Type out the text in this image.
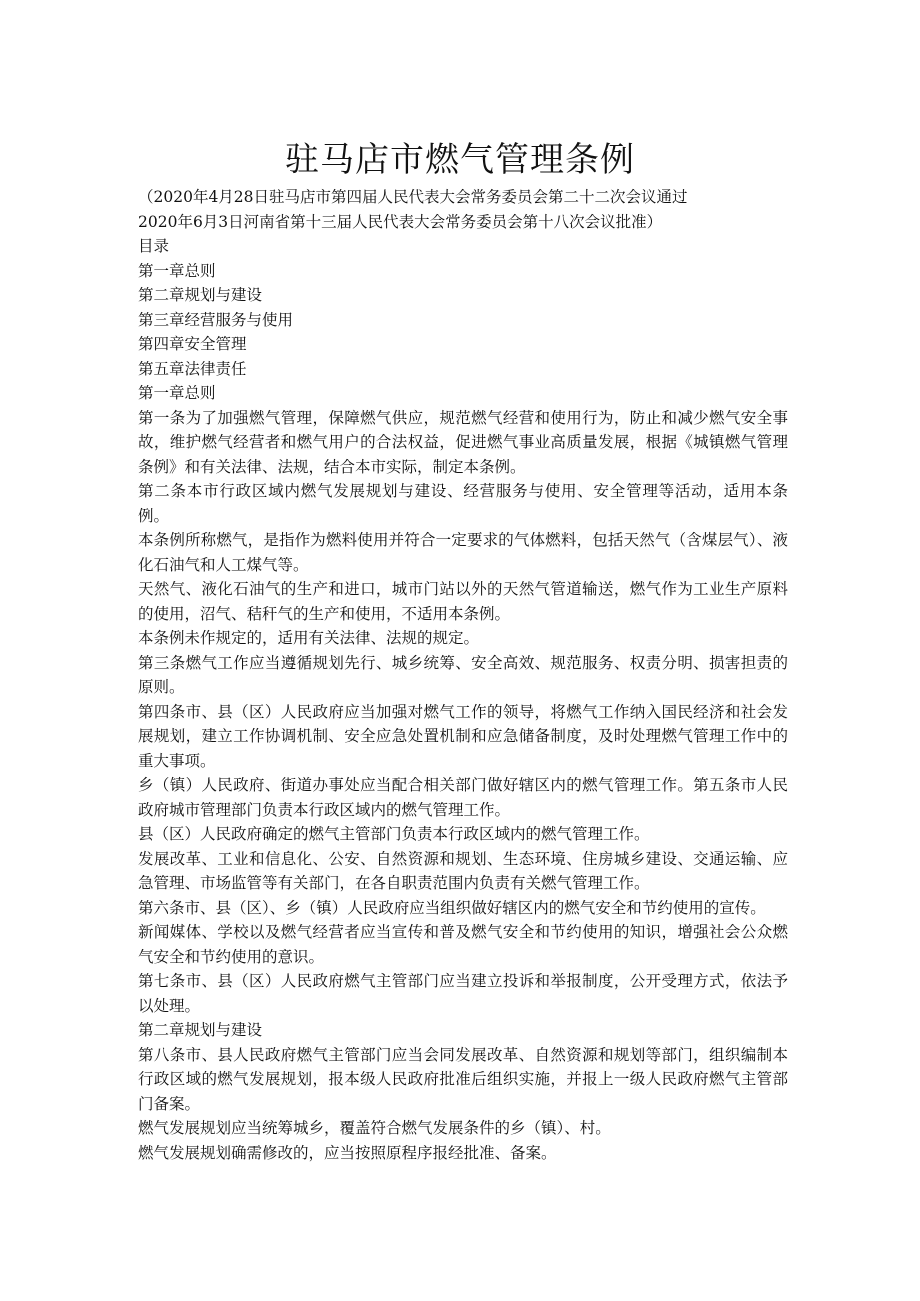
驻马店市燃气管理条例

（2020年4月28日驻马店市第四届人民代表大会常务委员会第二十二次会议通过

2020年6月3日河南省第十三届人民代表大会常务委员会第十八次会议批准）

目录

第一章总则

第二章规划与建设

第三章经营服务与使用

第四章安全管理

第五章法律责任

第一章总则

第一条为了加强燃气管理，保障燃气供应，规范燃气经营和使用行为，防止和减少燃气安全事故，维护燃气经营者和燃气用户的合法权益，促进燃气事业高质量发展，根据《城镇燃气管理条例》和有关法律、法规，结合本市实际，制定本条例。

第二条本市行政区域内燃气发展规划与建设、经营服务与使用、安全管理等活动，适用本条例。

本条例所称燃气，是指作为燃料使用并符合一定要求的气体燃料，包括天然气（含煤层气）、液化石油气和人工煤气等。

天然气、液化石油气的生产和进口，城市门站以外的天然气管道输送，燃气作为工业生产原料的使用，沼气、秸秆气的生产和使用，不适用本条例。

本条例未作规定的，适用有关法律、法规的规定。

第三条燃气工作应当遵循规划先行、城乡统筹、安全高效、规范服务、权责分明、损害担责的原则。

第四条市、县（区）人民政府应当加强对燃气工作的领导，将燃气工作纳入国民经济和社会发展规划，建立工作协调机制、安全应急处置机制和应急储备制度，及时处理燃气管理工作中的重大事项。

乡（镇）人民政府、街道办事处应当配合相关部门做好辖区内的燃气管理工作。第五条市人民政府城市管理部门负责本行政区域内的燃气管理工作。

县（区）人民政府确定的燃气主管部门负责本行政区域内的燃气管理工作。

发展改革、工业和信息化、公安、自然资源和规划、生态环境、住房城乡建设、交通运输、应急管理、市场监管等有关部门，在各自职责范围内负责有关燃气管理工作。

第六条市、县（区）、乡（镇）人民政府应当组织做好辖区内的燃气安全和节约使用的宣传。

新闻媒体、学校以及燃气经营者应当宣传和普及燃气安全和节约使用的知识，增强社会公众燃气安全和节约使用的意识。

第七条市、县（区）人民政府燃气主管部门应当建立投诉和举报制度，公开受理方式，依法予以处理。

第二章规划与建设

第八条市、县人民政府燃气主管部门应当会同发展改革、自然资源和规划等部门，组织编制本行政区域的燃气发展规划，报本级人民政府批准后组织实施，并报上一级人民政府燃气主管部门备案。

燃气发展规划应当统筹城乡，覆盖符合燃气发展条件的乡（镇）、村。

燃气发展规划确需修改的，应当按照原程序报经批准、备案。
